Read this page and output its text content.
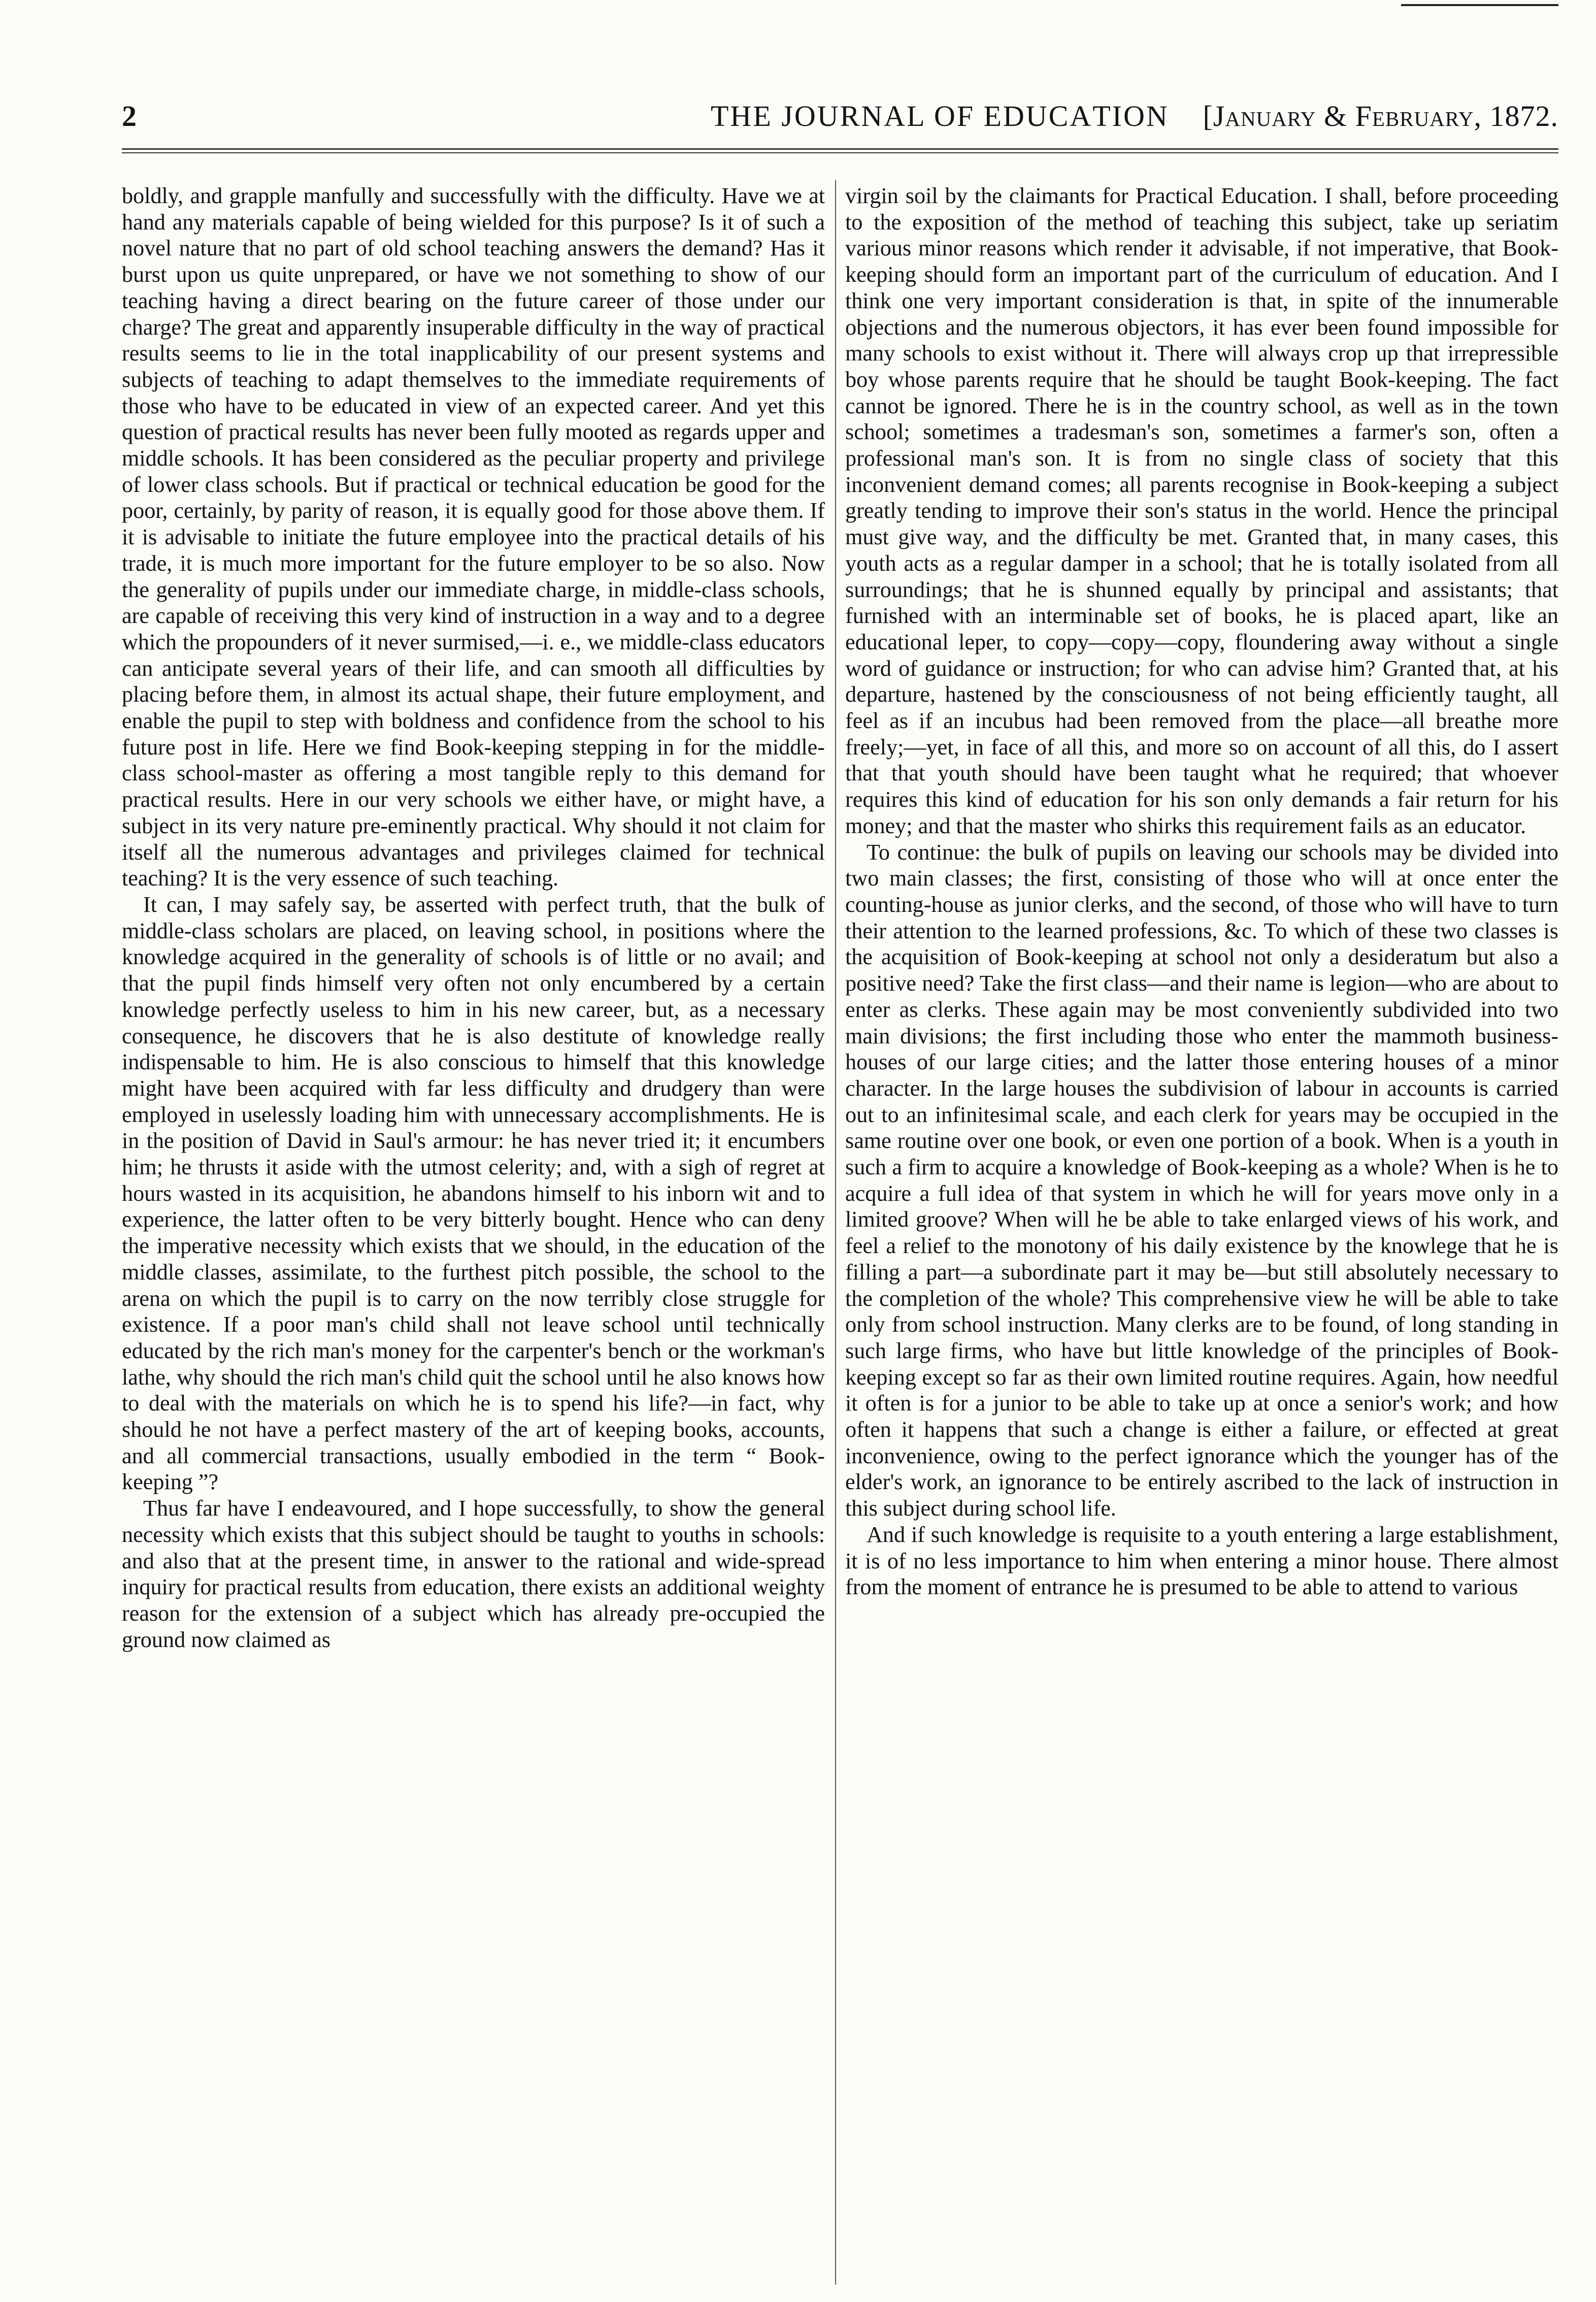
2	THE JOURNAL OF EDUCAТION [January & February, 1872.

boldly, and grapple manfully and successfully with the difficulty. Have we at hand any materials capable of being wielded for this purpose? Is it of such a novel nature that no part of old school teaching answers the demand? Has it burst upon us quite unprepared, or have we not something to show of our teaching having a direct bearing on the future career of those under our charge? The great and apparently insuperable difficulty in the way of practical results seems to lie in the total inapplicability of our present systems and subjects of teaching to adapt themselves to the immediate requirements of those who have to be educated in view of an expected career. And yet this question of practical results has never been fully mooted as regards upper and middle schools. It has been considered as the peculiar property and privilege of lower class schools. But if practical or technical education be good for the poor, certainly, by parity of reason, it is equally good for those above them. If it is advisable to initiate the future employee into the practical details of his trade, it is much more important for the future employer to be so also. Now the generality of pupils under our immediate charge, in middle-class schools, are capable of receiving this very kind of instruction in a way and to a degree which the propounders of it never surmised,—i. e., we middle-class educators can anticipate several years of their life, and can smooth all difficulties by placing before them, in almost its actual shape, their future employment, and enable the pupil to step with boldness and confidence from the school to his future post in life. Here we find Book-keeping stepping in for the middle-class school-master as offering a most tangible reply to this demand for practical results. Here in our very schools we either have, or might have, a subject in its very nature pre-eminently practical. Why should it not claim for itself all the numerous advantages and privileges claimed for technical teaching? It is the very essence of such teaching.

It can, I may safely say, be asserted with perfect truth, that the bulk of middle-class scholars are placed, on leaving school, in positions where the knowledge acquired in the generality of schools is of little or no avail; and that the pupil finds himself very often not only encumbered by a certain knowledge perfectly useless to him in his new career, but, as a necessary consequence, he discovers that he is also destitute of knowledge really indispensable to him. He is also conscious to himself that this knowledge might have been acquired with far less difficulty and drudgery than were employed in uselessly loading him with unnecessary accomplishments. He is in the position of David in Saul's armour: he has never tried it; it encumbers him; he thrusts it aside with the utmost celerity; and, with a sigh of regret at hours wasted in its acquisition, he abandons himself to his inborn wit and to experience, the latter often to be very bitterly bought. Hence who can deny the imperative necessity which exists that we should, in the education of the middle classes, assimilate, to the furthest pitch possible, the school to the arena on which the pupil is to carry on the now terribly close struggle for existence. If a poor man's child shall not leave school until technically educated by the rich man's money for the carpenter's bench or the workman's lathe, why should the rich man's child quit the school until he also knows how to deal with the materials on which he is to spend his life?—in fact, why should he not have a perfect mastery of the art of keeping books, accounts, and all commercial transactions, usually embodied in the term “ Book-keeping ”?

Thus far have I endeavoured, and I hope successfully, to show the general necessity which exists that this subject should be taught to youths in schools: and also that at the present time, in answer to the rational and wide-spread inquiry for practical results from education, there exists an additional weighty reason for the extension of a subject which has already pre-occupied the ground now claimed as

virgin soil by the claimants for Practical Education. I shall, before proceeding to the exposition of the method of teaching this subject, take up seriatim various minor reasons which render it advisable, if not imperative, that Book-keeping should form an important part of the curriculum of education. And I think one very important consideration is that, in spite of the innumerable objections and the numerous objectors, it has ever been found impossible for many schools to exist without it. There will always crop up that irrepressible boy whose parents require that he should be taught Book-keeping. The fact cannot be ignored. There he is in the country school, as well as in the town school; sometimes a tradesman's son, sometimes a farmer's son, often a professional man's son. It is from no single class of society that this inconvenient demand comes; all parents recognise in Book-keeping a subject greatly tending to improve their son's status in the world. Hence the principal must give way, and the difficulty be met. Granted that, in many cases, this youth acts as a regular damper in a school; that he is totally isolated from all surroundings; that he is shunned equally by principal and assistants; that furnished with an interminable set of books, he is placed apart, like an educational leper, to copy—copy—copy, floundering away without a single word of guidance or instruction; for who can advise him? Granted that, at his departure, hastened by the consciousness of not being efficiently taught, all feel as if an incubus had been removed from the place—all breathe more freely;—yet, in face of all this, and more so on account of all this, do I assert that that youth should have been taught what he required; that whoever requires this kind of education for his son only demands a fair return for his money; and that the master who shirks this requirement fails as an educator.

To continue: the bulk of pupils on leaving our schools may be divided into two main classes; the first, consisting of those who will at once enter the counting-house as junior clerks, and the second, of those who will have to turn their attention to the learned professions, &c. To which of these two classes is the acquisition of Book-keeping at school not only a desideratum but also a positive need? Take the first class—and their name is legion—who are about to enter as clerks. These again may be most conveniently subdivided into two main divisions; the first including those who enter the mammoth business-houses of our large cities; and the latter those entering houses of a minor character. In the large houses the subdivision of labour in accounts is carried out to an infinitesimal scale, and each clerk for years may be occupied in the same routine over one book, or even one portion of a book. When is a youth in such a firm to acquire a knowledge of Book-keeping as a whole? When is he to acquire a full idea of that system in which he will for years move only in a limited groove? When will he be able to take enlarged views of his work, and feel a relief to the monotony of his daily existence by the knowlege that he is filling a part—a subordinate part it may be—but still absolutely necessary to the completion of the whole? This comprehensive view he will be able to take only from school instruction. Many clerks are to be found, of long standing in such large firms, who have but little knowledge of the principles of Book-keeping except so far as their own limited routine requires. Again, how needful it often is for a junior to be able to take up at once a senior's work; and how often it happens that such a change is either a failure, or effected at great inconvenience, owing to the perfect ignorance which the younger has of the elder's work, an ignorance to be entirely ascribed to the lack of instruction in this subject during school life.

And if such knowledge is requisite to a youth entering a large establishment, it is of no less importance to him when entering a minor house. There almost from the moment of entrance he is presumed to be able to attend to various
